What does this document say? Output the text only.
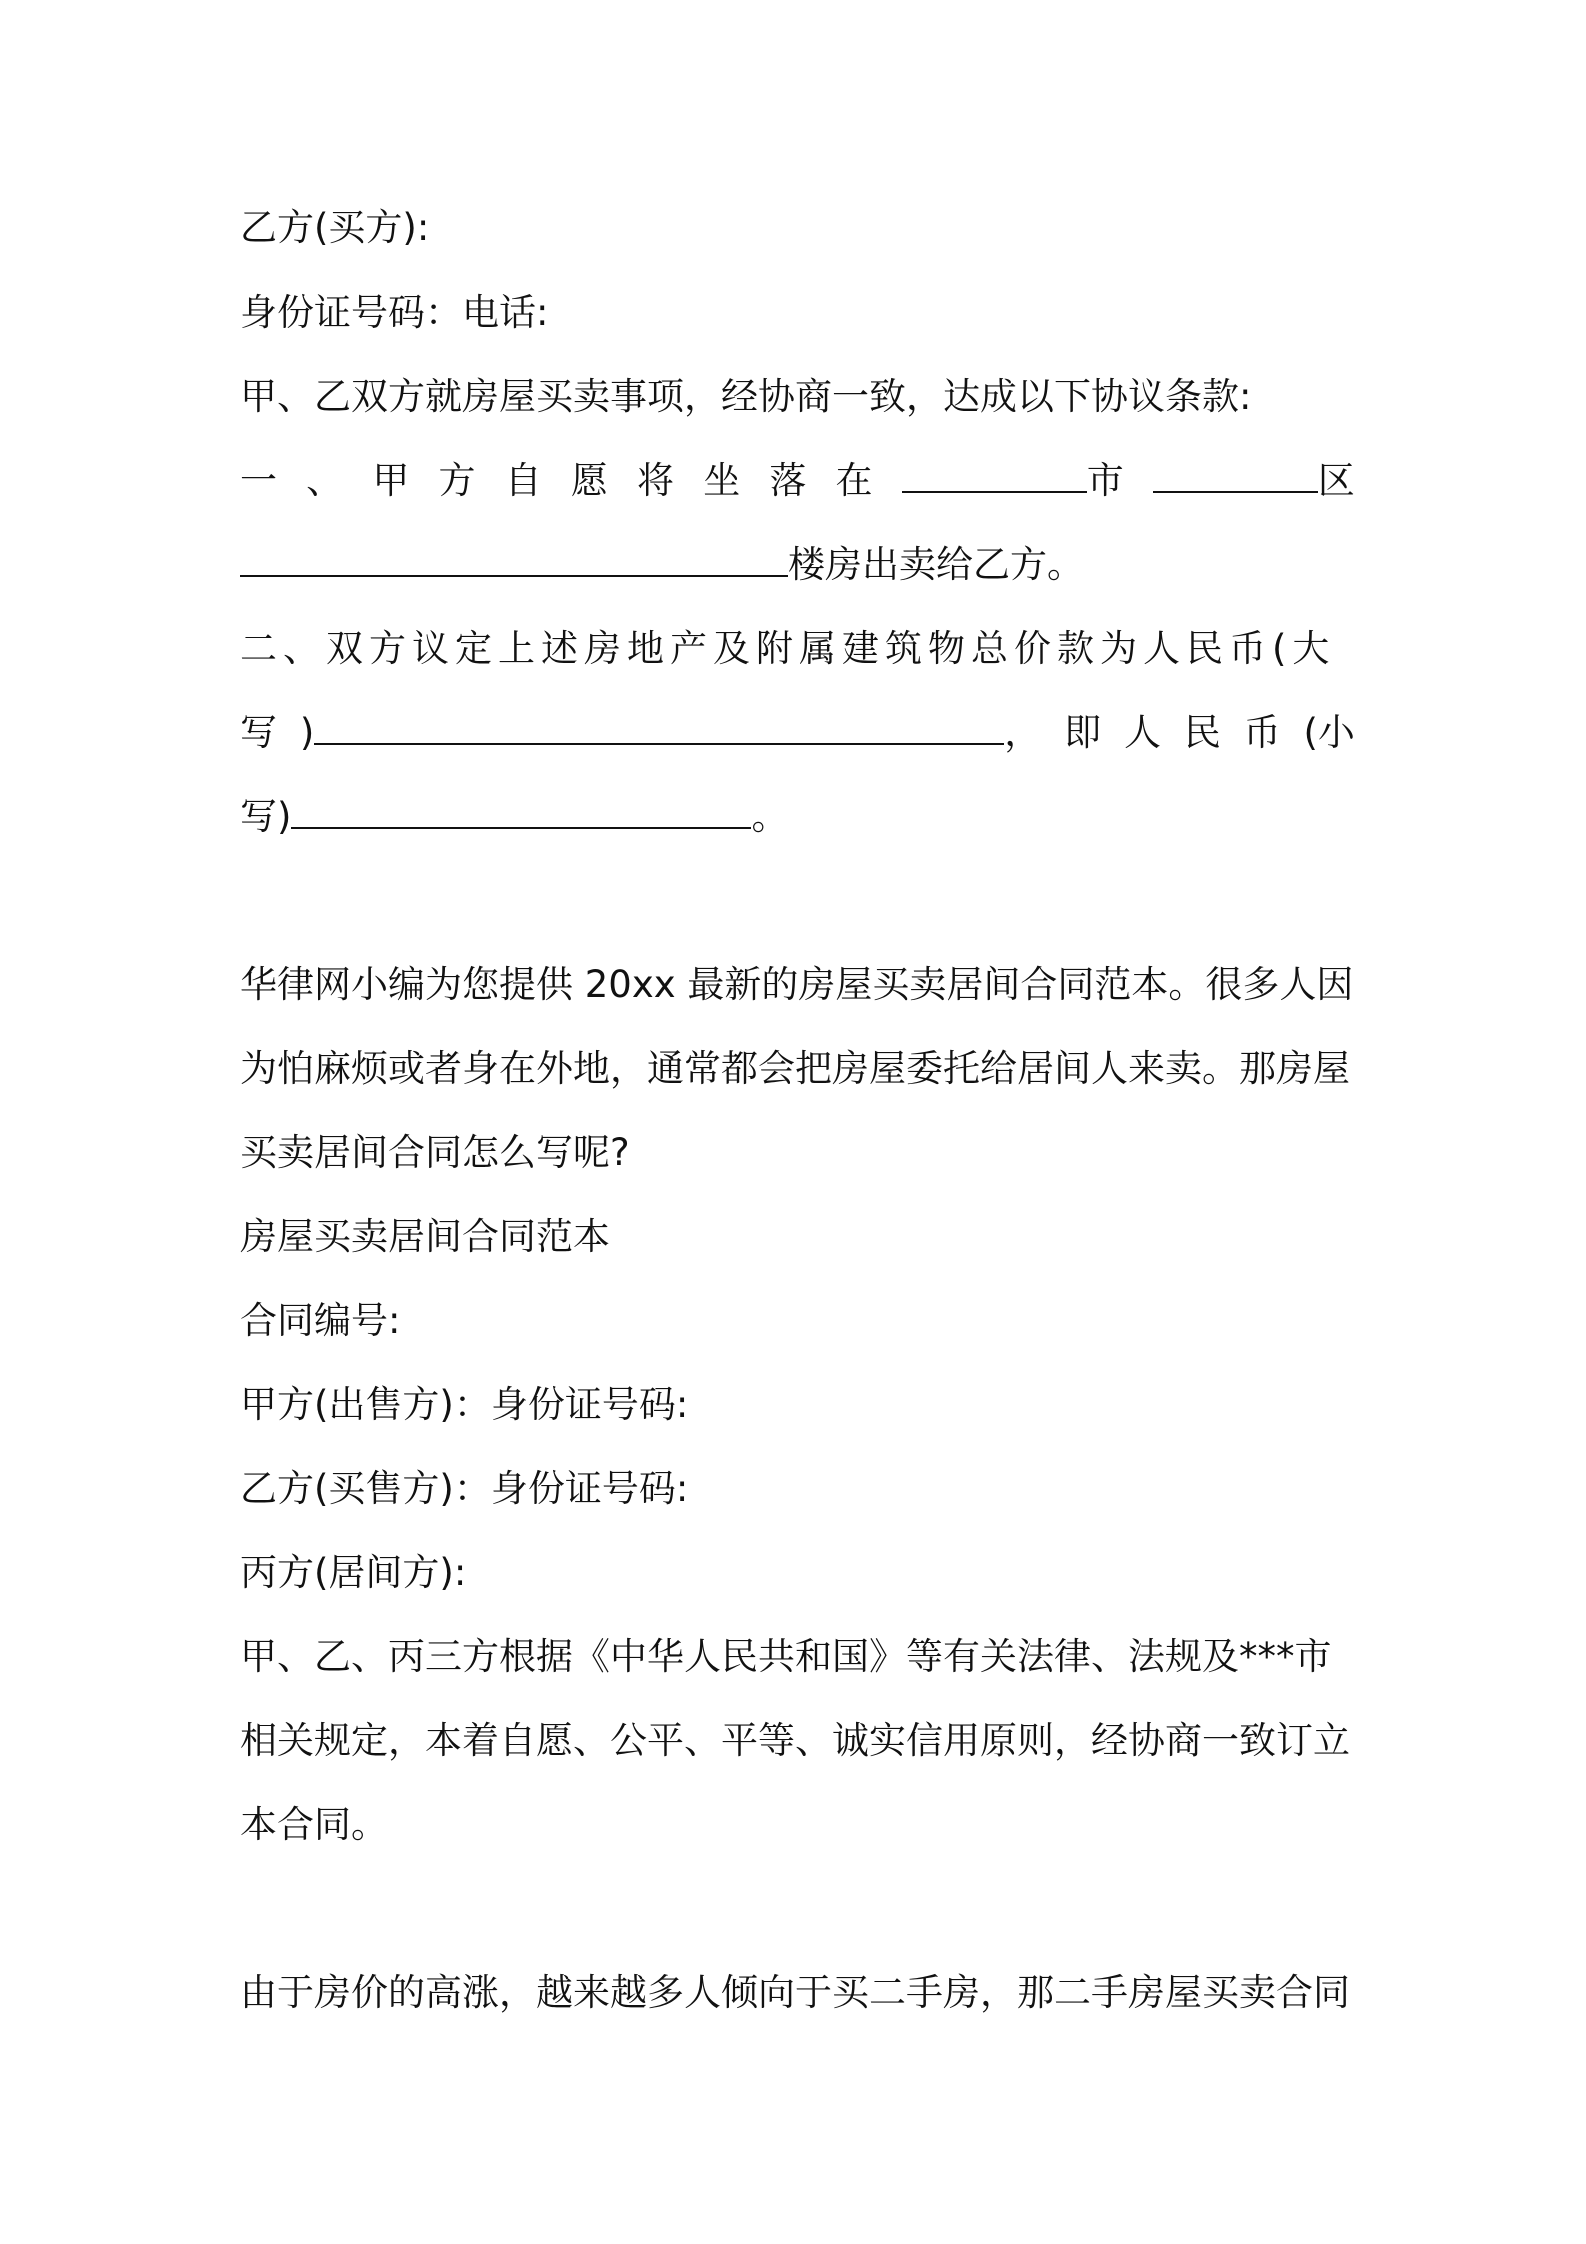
乙方(买方):
身份证号码：电话:
甲、乙双方就房屋买卖事项，经协商一致，达成以下协议条款:
一 、 甲 方 自 愿 将 坐 落 在	市	区
楼房出卖给乙方。
二、双方议定上述房地产及附属建筑物总价款为人民币(大
写 )	， 即 人 民 币 (小
写)	。
华律网小编为您提供 20xx 最新的房屋买卖居间合同范本。很多人因
为怕麻烦或者身在外地，通常都会把房屋委托给居间人来卖。那房屋
买卖居间合同怎么写呢?
房屋买卖居间合同范本
合同编号:
甲方(出售方)：身份证号码:
乙方(买售方)：身份证号码:
丙方(居间方):
甲、乙、丙三方根据《中华人民共和国》等有关法律、法规及***市
相关规定，本着自愿、公平、平等、诚实信用原则，经协商一致订立
本合同。
由于房价的高涨，越来越多人倾向于买二手房，那二手房屋买卖合同
